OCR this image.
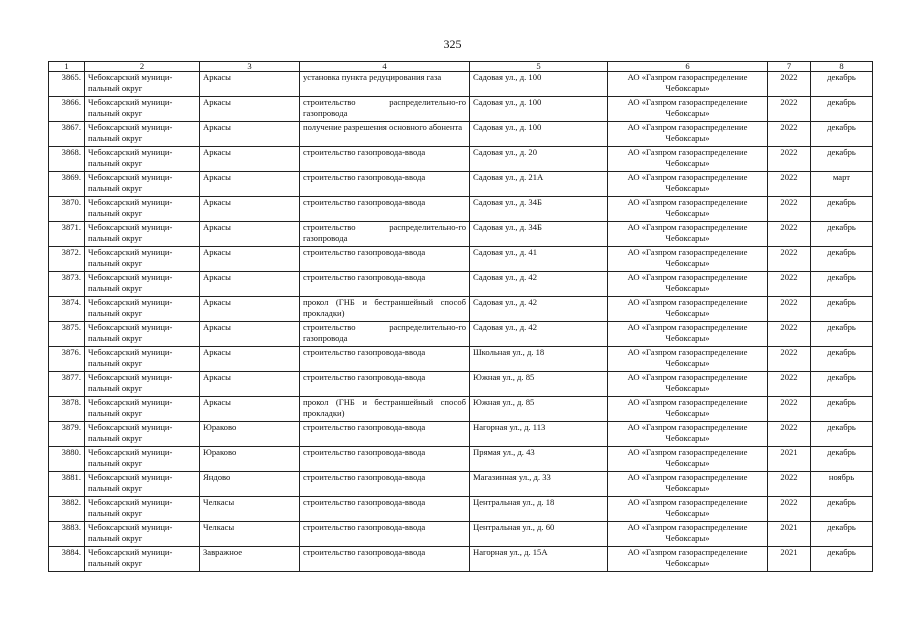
325
1	2	3	4	5	6	7	8
3865.	Чебоксарский муници-пальный округ	Аркасы	установка пункта редуцирования газа	Садовая ул., д. 100	АО «Газпром газораспределение Чебоксары»	2022	декабрь
3866.	Чебоксарский муници-пальный округ	Аркасы	строительство распределительно-го газопровода	Садовая ул., д. 100	АО «Газпром газораспределение Чебоксары»	2022	декабрь
3867.	Чебоксарский муници-пальный округ	Аркасы	получение разрешения основного абонента	Садовая ул., д. 100	АО «Газпром газораспределение Чебоксары»	2022	декабрь
3868.	Чебоксарский муници-пальный округ	Аркасы	строительство газопровода-ввода	Садовая ул., д. 20	АО «Газпром газораспределение Чебоксары»	2022	декабрь
3869.	Чебоксарский муници-пальный округ	Аркасы	строительство газопровода-ввода	Садовая ул., д. 21А	АО «Газпром газораспределение Чебоксары»	2022	март
3870.	Чебоксарский муници-пальный округ	Аркасы	строительство газопровода-ввода	Садовая ул., д. 34Б	АО «Газпром газораспределение Чебоксары»	2022	декабрь
3871.	Чебоксарский муници-пальный округ	Аркасы	строительство распределительно-го газопровода	Садовая ул., д. 34Б	АО «Газпром газораспределение Чебоксары»	2022	декабрь
3872.	Чебоксарский муници-пальный округ	Аркасы	строительство газопровода-ввода	Садовая ул., д. 41	АО «Газпром газораспределение Чебоксары»	2022	декабрь
3873.	Чебоксарский муници-пальный округ	Аркасы	строительство газопровода-ввода	Садовая ул., д. 42	АО «Газпром газораспределение Чебоксары»	2022	декабрь
3874.	Чебоксарский муници-пальный округ	Аркасы	прокол (ГНБ и бестраншейный способ прокладки)	Садовая ул., д. 42	АО «Газпром газораспределение Чебоксары»	2022	декабрь
3875.	Чебоксарский муници-пальный округ	Аркасы	строительство распределительно-го газопровода	Садовая ул., д. 42	АО «Газпром газораспределение Чебоксары»	2022	декабрь
3876.	Чебоксарский муници-пальный округ	Аркасы	строительство газопровода-ввода	Школьная ул., д. 18	АО «Газпром газораспределение Чебоксары»	2022	декабрь
3877.	Чебоксарский муници-пальный округ	Аркасы	строительство газопровода-ввода	Южная ул., д. 85	АО «Газпром газораспределение Чебоксары»	2022	декабрь
3878.	Чебоксарский муници-пальный округ	Аркасы	прокол (ГНБ и бестраншейный способ прокладки)	Южная ул., д. 85	АО «Газпром газораспределение Чебоксары»	2022	декабрь
3879.	Чебоксарский муници-пальный округ	Юраково	строительство газопровода-ввода	Нагорная ул., д. 113	АО «Газпром газораспределение Чебоксары»	2022	декабрь
3880.	Чебоксарский муници-пальный округ	Юраково	строительство газопровода-ввода	Прямая ул., д. 43	АО «Газпром газораспределение Чебоксары»	2021	декабрь
3881.	Чебоксарский муници-пальный округ	Яндово	строительство газопровода-ввода	Магазинная ул., д. 33	АО «Газпром газораспределение Чебоксары»	2022	ноябрь
3882.	Чебоксарский муници-пальный округ	Челкасы	строительство газопровода-ввода	Центральная ул., д. 18	АО «Газпром газораспределение Чебоксары»	2022	декабрь
3883.	Чебоксарский муници-пальный округ	Челкасы	строительство газопровода-ввода	Центральная ул., д. 60	АО «Газпром газораспределение Чебоксары»	2021	декабрь
3884.	Чебоксарский муници-пальный округ	Завражное	строительство газопровода-ввода	Нагорная ул., д. 15А	АО «Газпром газораспределение Чебоксары»	2021	декабрь
